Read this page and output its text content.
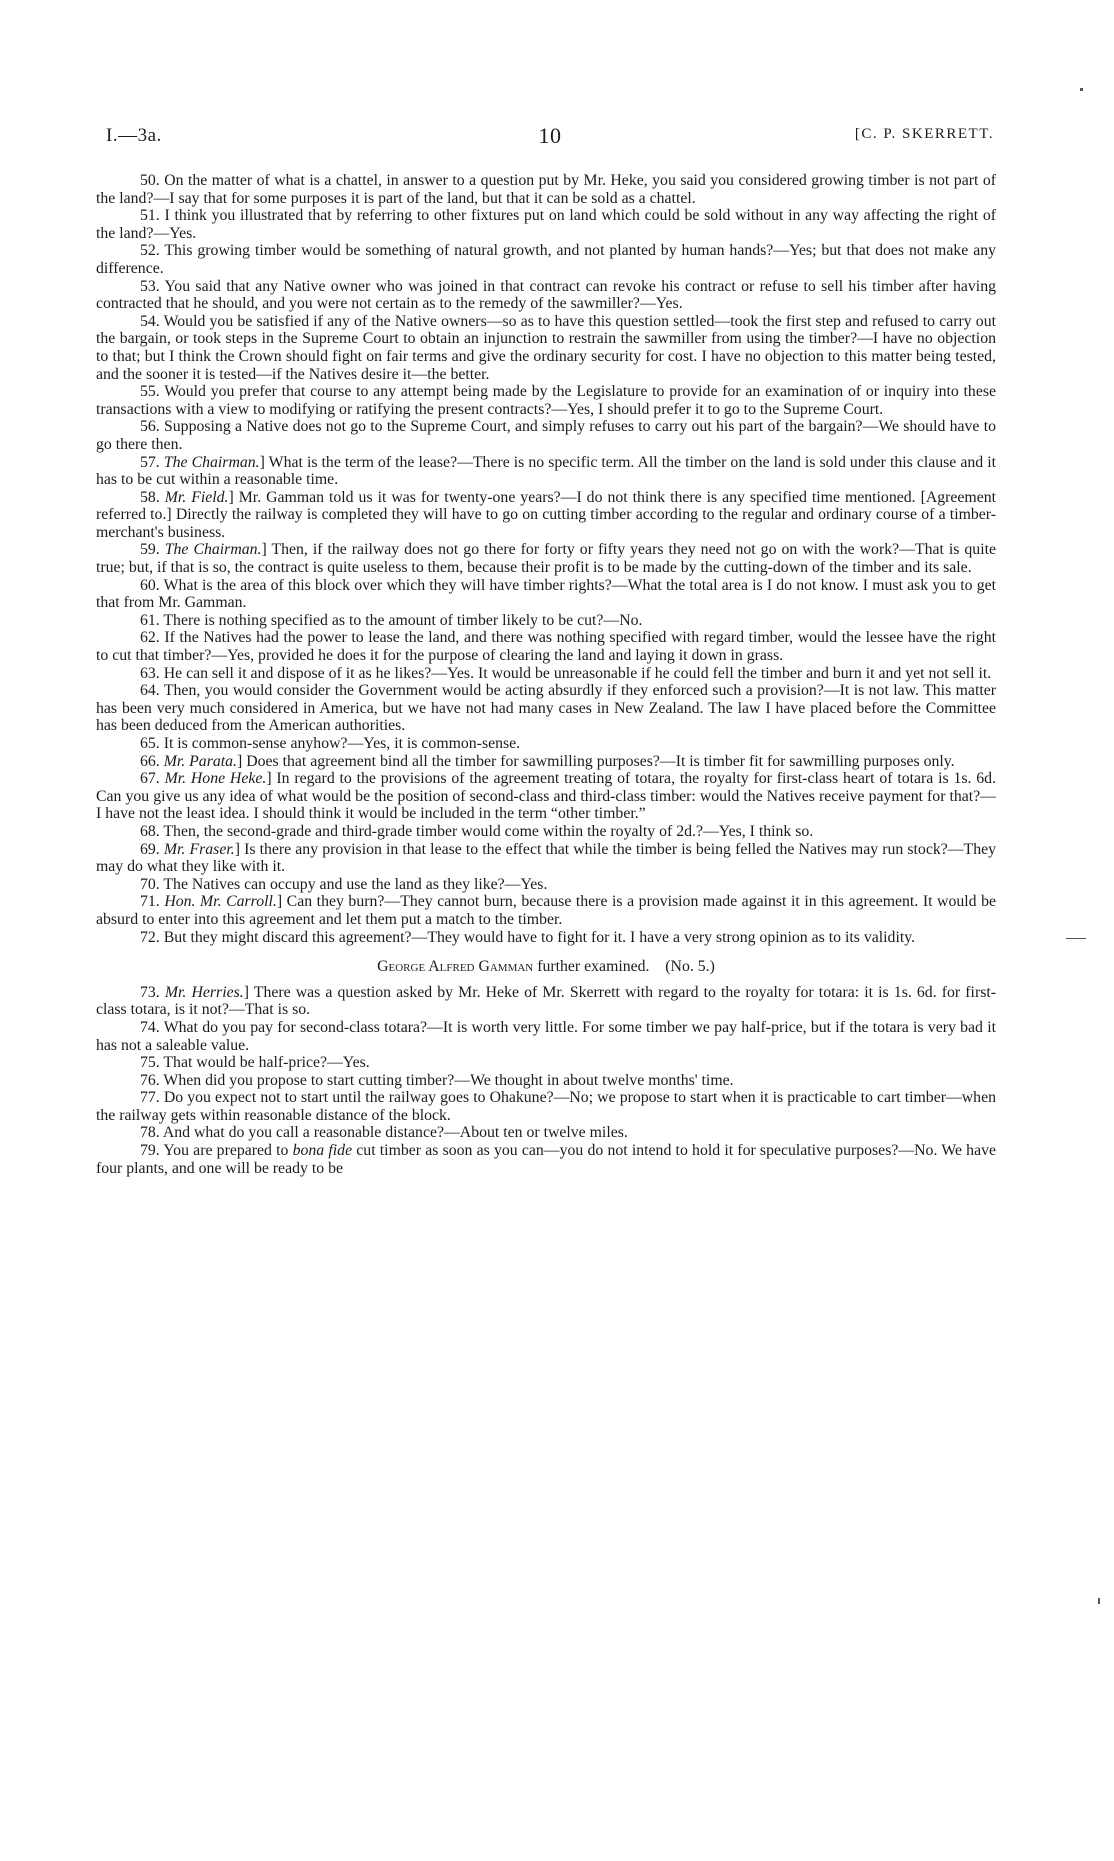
I.—3a.	10	[C. P. SKERRETT.

50. On the matter of what is a chattel, in answer to a question put by Mr. Heke, you said you considered growing timber is not part of the land?—I say that for some purposes it is part of the land, but that it can be sold as a chattel.

51. I think you illustrated that by referring to other fixtures put on land which could be sold without in any way affecting the right of the land?—Yes.

52. This growing timber would be something of natural growth, and not planted by human hands?—Yes; but that does not make any difference.

53. You said that any Native owner who was joined in that contract can revoke his contract or refuse to sell his timber after having contracted that he should, and you were not certain as to the remedy of the sawmiller?—Yes.

54. Would you be satisfied if any of the Native owners—so as to have this question settled—took the first step and refused to carry out the bargain, or took steps in the Supreme Court to obtain an injunction to restrain the sawmiller from using the timber?—I have no objection to that; but I think the Crown should fight on fair terms and give the ordinary security for cost. I have no objection to this matter being tested, and the sooner it is tested—if the Natives desire it—the better.

55. Would you prefer that course to any attempt being made by the Legislature to provide for an examination of or inquiry into these transactions with a view to modifying or ratifying the present contracts?—Yes, I should prefer it to go to the Supreme Court.

56. Supposing a Native does not go to the Supreme Court, and simply refuses to carry out his part of the bargain?—We should have to go there then.

57. The Chairman.] What is the term of the lease?—There is no specific term. All the timber on the land is sold under this clause and it has to be cut within a reasonable time.

58. Mr. Field.] Mr. Gamman told us it was for twenty-one years?—I do not think there is any specified time mentioned. [Agreement referred to.] Directly the railway is completed they will have to go on cutting timber according to the regular and ordinary course of a timber-merchant's business.

59. The Chairman.] Then, if the railway does not go there for forty or fifty years they need not go on with the work?—That is quite true; but, if that is so, the contract is quite useless to them, because their profit is to be made by the cutting-down of the timber and its sale.

60. What is the area of this block over which they will have timber rights?—What the total area is I do not know. I must ask you to get that from Mr. Gamman.

61. There is nothing specified as to the amount of timber likely to be cut?—No.

62. If the Natives had the power to lease the land, and there was nothing specified with regard timber, would the lessee have the right to cut that timber?—Yes, provided he does it for the purpose of clearing the land and laying it down in grass.

63. He can sell it and dispose of it as he likes?—Yes. It would be unreasonable if he could fell the timber and burn it and yet not sell it.

64. Then, you would consider the Government would be acting absurdly if they enforced such a provision?—It is not law. This matter has been very much considered in America, but we have not had many cases in New Zealand. The law I have placed before the Committee has been deduced from the American authorities.

65. It is common-sense anyhow?—Yes, it is common-sense.

66. Mr. Parata.] Does that agreement bind all the timber for sawmilling purposes?—It is timber fit for sawmilling purposes only.

67. Mr. Hone Heke.] In regard to the provisions of the agreement treating of totara, the royalty for first-class heart of totara is 1s. 6d. Can you give us any idea of what would be the position of second-class and third-class timber: would the Natives receive payment for that?—I have not the least idea. I should think it would be included in the term “other timber.”

68. Then, the second-grade and third-grade timber would come within the royalty of 2d.?—Yes, I think so.

69. Mr. Fraser.] Is there any provision in that lease to the effect that while the timber is being felled the Natives may run stock?—They may do what they like with it.

70. The Natives can occupy and use the land as they like?—Yes.

71. Hon. Mr. Carroll.] Can they burn?—They cannot burn, because there is a provision made against it in this agreement. It would be absurd to enter into this agreement and let them put a match to the timber.

72. But they might discard this agreement?—They would have to fight for it. I have a very strong opinion as to its validity.

George Alfred Gamman further examined. (No. 5.)

73. Mr. Herries.] There was a question asked by Mr. Heke of Mr. Skerrett with regard to the royalty for totara: it is 1s. 6d. for first-class totara, is it not?—That is so.

74. What do you pay for second-class totara?—It is worth very little. For some timber we pay half-price, but if the totara is very bad it has not a saleable value.

75. That would be half-price?—Yes.

76. When did you propose to start cutting timber?—We thought in about twelve months' time.

77. Do you expect not to start until the railway goes to Ohakune?—No; we propose to start when it is practicable to cart timber—when the railway gets within reasonable distance of the block.

78. And what do you call a reasonable distance?—About ten or twelve miles.

79. You are prepared to bona fide cut timber as soon as you can—you do not intend to hold it for speculative purposes?—No. We have four plants, and one will be ready to be
